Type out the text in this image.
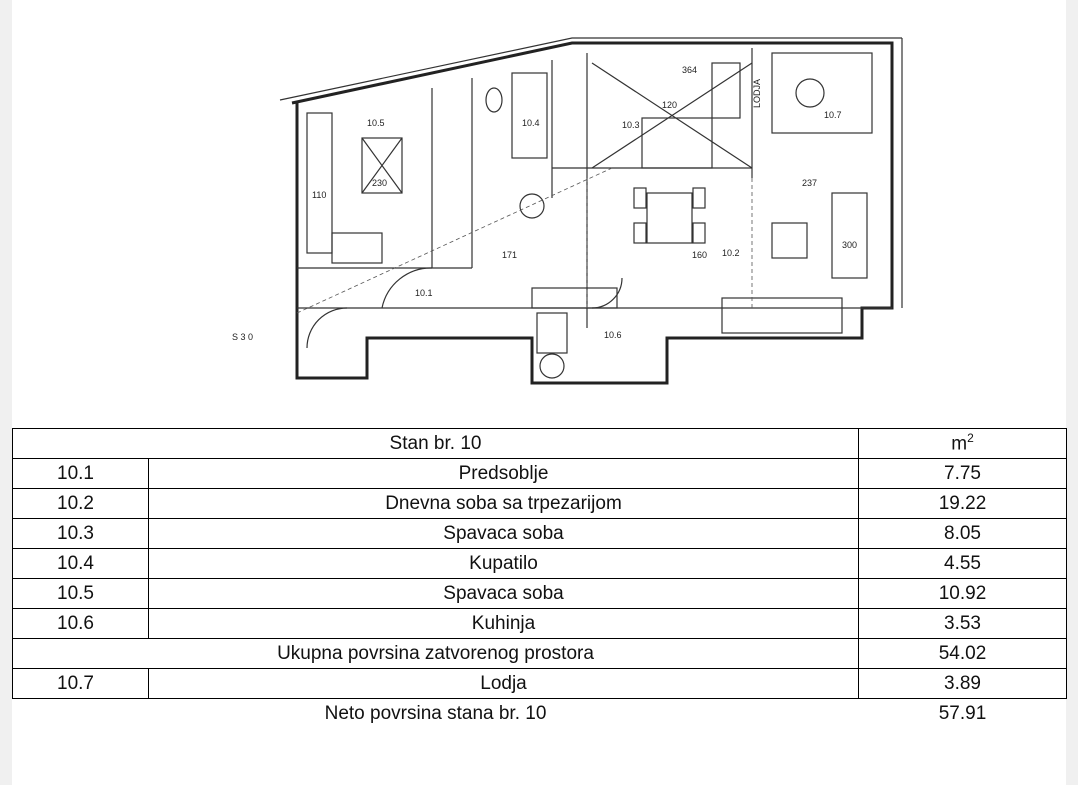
10.5	10.4	10.3
10.2
10.1
10.6
10.7
230	237
300
110
364
120
160
171
S 3 0
LODJA
Stan br. 10		$m^2$
10.1	Predsoblje	7.75
10.2	Dnevna soba sa trpezarijom	19.22
10.3	Spavaca soba	8.05
10.4	Kupatilo	4.55
10.5	Spavaca soba	10.92
10.6	Kuhinja	3.53
Ukupna povrsina zatvorenog prostora		54.02
10.7	Lodja	3.89
Neto povrsina stana br. 10		57.91
